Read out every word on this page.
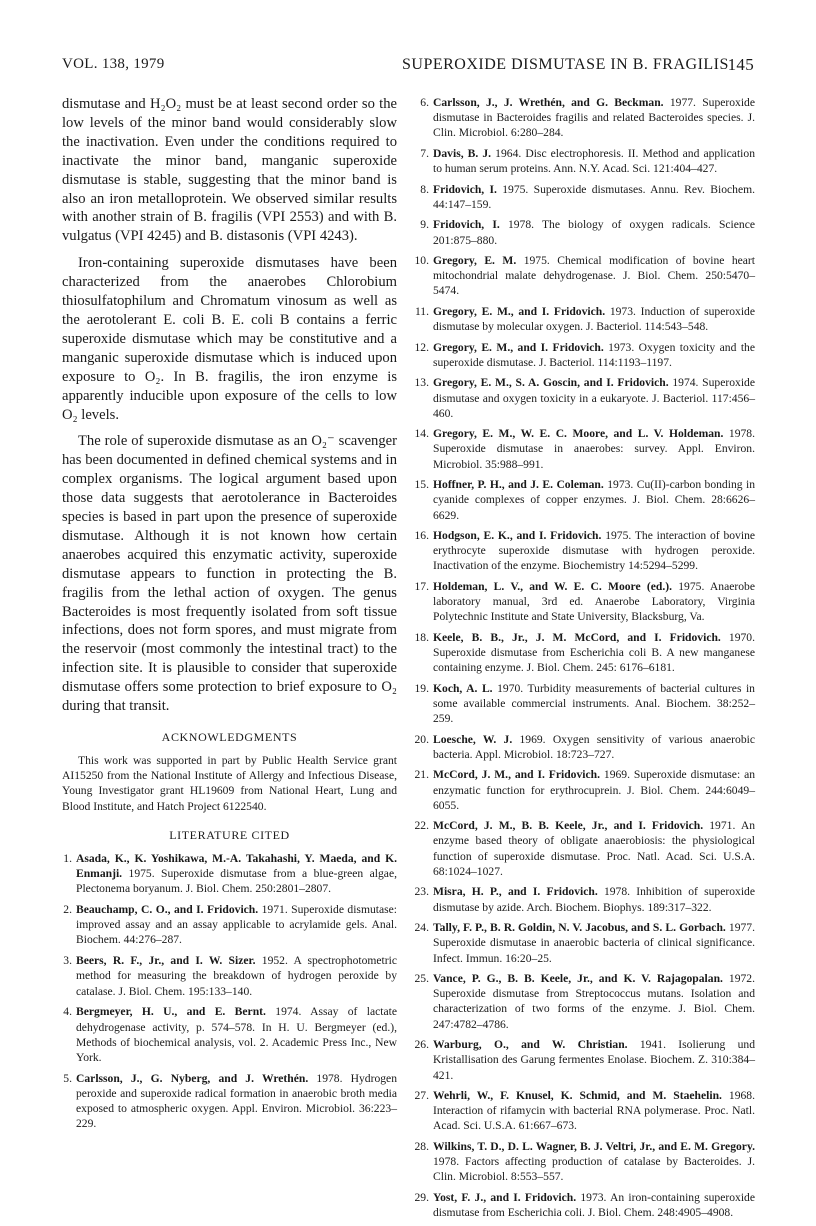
VOL. 138, 1979	SUPEROXIDE DISMUTASE IN B. FRAGILIS
145

dismutase and H₂O₂ must be at least second order so the low levels of the minor band would considerably slow the inactivation. Even under the conditions required to inactivate the minor band, manganic superoxide dismutase is stable, suggesting that the minor band is also an iron metalloprotein. We observed similar results with another strain of B. fragilis (VPI 2553) and with B. vulgatus (VPI 4245) and B. distasonis (VPI 4243).

Iron-containing superoxide dismutases have been characterized from the anaerobes Chlorobium thiosulfatophilum and Chromatum vinosum as well as the aerotolerant E. coli B. E. coli B contains a ferric superoxide dismutase which may be constitutive and a manganic superoxide dismutase which is induced upon exposure to O₂. In B. fragilis, the iron enzyme is apparently inducible upon exposure of the cells to low O₂ levels.

The role of superoxide dismutase as an O₂⁻ scavenger has been documented in defined chemical systems and in complex organisms. The logical argument based upon those data suggests that aerotolerance in Bacteroides species is based in part upon the presence of superoxide dismutase. Although it is not known how certain anaerobes acquired this enzymatic activity, superoxide dismutase appears to function in protecting the B. fragilis from the lethal action of oxygen. The genus Bacteroides is most frequently isolated from soft tissue infections, does not form spores, and must migrate from the reservoir (most commonly the intestinal tract) to the infection site. It is plausible to consider that superoxide dismutase offers some protection to brief exposure to O₂ during that transit.

ACKNOWLEDGMENTS

This work was supported in part by Public Health Service grant AI15250 from the National Institute of Allergy and Infectious Disease, Young Investigator grant HL19609 from National Heart, Lung and Blood Institute, and Hatch Project 6122540.

LITERATURE CITED
1. Asada, K., K. Yoshikawa, M.-A. Takahashi, Y. Maeda, and K. Enmanji. 1975. Superoxide dismutase from a blue-green algae, Plectonema boryanum. J. Biol. Chem. 250:2801–2807.
2. Beauchamp, C. O., and I. Fridovich. 1971. Superoxide dismutase: improved assay and an assay applicable to acrylamide gels. Anal. Biochem. 44:276–287.
3. Beers, R. F., Jr., and I. W. Sizer. 1952. A spectrophotometric method for measuring the breakdown of hydrogen peroxide by catalase. J. Biol. Chem. 195:133–140.
4. Bergmeyer, H. U., and E. Bernt. 1974. Assay of lactate dehydrogenase activity, p. 574–578. In H. U. Bergmeyer (ed.), Methods of biochemical analysis, vol. 2. Academic Press Inc., New York.
5. Carlsson, J., G. Nyberg, and J. Wrethén. 1978. Hydrogen peroxide and superoxide radical formation in anaerobic broth media exposed to atmospheric oxygen. Appl. Environ. Microbiol. 36:223–229.
6. Carlsson, J., J. Wrethén, and G. Beckman. 1977. Superoxide dismutase in Bacteroides fragilis and related Bacteroides species. J. Clin. Microbiol. 6:280–284.
7. Davis, B. J. 1964. Disc electrophoresis. II. Method and application to human serum proteins. Ann. N.Y. Acad. Sci. 121:404–427.
8. Fridovich, I. 1975. Superoxide dismutases. Annu. Rev. Biochem. 44:147–159.
9. Fridovich, I. 1978. The biology of oxygen radicals. Science 201:875–880.
10. Gregory, E. M. 1975. Chemical modification of bovine heart mitochondrial malate dehydrogenase. J. Biol. Chem. 250:5470–5474.
11. Gregory, E. M., and I. Fridovich. 1973. Induction of superoxide dismutase by molecular oxygen. J. Bacteriol. 114:543–548.
12. Gregory, E. M., and I. Fridovich. 1973. Oxygen toxicity and the superoxide dismutase. J. Bacteriol. 114:1193–1197.
13. Gregory, E. M., S. A. Goscin, and I. Fridovich. 1974. Superoxide dismutase and oxygen toxicity in a eukaryote. J. Bacteriol. 117:456–460.
14. Gregory, E. M., W. E. C. Moore, and L. V. Holdeman. 1978. Superoxide dismutase in anaerobes: survey. Appl. Environ. Microbiol. 35:988–991.
15. Hoffner, P. H., and J. E. Coleman. 1973. Cu(II)-carbon bonding in cyanide complexes of copper enzymes. J. Biol. Chem. 28:6626–6629.
16. Hodgson, E. K., and I. Fridovich. 1975. The interaction of bovine erythrocyte superoxide dismutase with hydrogen peroxide. Inactivation of the enzyme. Biochemistry 14:5294–5299.
17. Holdeman, L. V., and W. E. C. Moore (ed.). 1975. Anaerobe laboratory manual, 3rd ed. Anaerobe Laboratory, Virginia Polytechnic Institute and State University, Blacksburg, Va.
18. Keele, B. B., Jr., J. M. McCord, and I. Fridovich. 1970. Superoxide dismutase from Escherichia coli B. A new manganese containing enzyme. J. Biol. Chem. 245: 6176–6181.
19. Koch, A. L. 1970. Turbidity measurements of bacterial cultures in some available commercial instruments. Anal. Biochem. 38:252–259.
20. Loesche, W. J. 1969. Oxygen sensitivity of various anaerobic bacteria. Appl. Microbiol. 18:723–727.
21. McCord, J. M., and I. Fridovich. 1969. Superoxide dismutase: an enzymatic function for erythrocuprein. J. Biol. Chem. 244:6049–6055.
22. McCord, J. M., B. B. Keele, Jr., and I. Fridovich. 1971. An enzyme based theory of obligate anaerobiosis: the physiological function of superoxide dismutase. Proc. Natl. Acad. Sci. U.S.A. 68:1024–1027.
23. Misra, H. P., and I. Fridovich. 1978. Inhibition of superoxide dismutase by azide. Arch. Biochem. Biophys. 189:317–322.
24. Tally, F. P., B. R. Goldin, N. V. Jacobus, and S. L. Gorbach. 1977. Superoxide dismutase in anaerobic bacteria of clinical significance. Infect. Immun. 16:20–25.
25. Vance, P. G., B. B. Keele, Jr., and K. V. Rajagopalan. 1972. Superoxide dismutase from Streptococcus mutans. Isolation and characterization of two forms of the enzyme. J. Biol. Chem. 247:4782–4786.
26. Warburg, O., and W. Christian. 1941. Isolierung und Kristallisation des Garung fermentes Enolase. Biochem. Z. 310:384–421.
27. Wehrli, W., F. Knusel, K. Schmid, and M. Staehelin. 1968. Interaction of rifamycin with bacterial RNA polymerase. Proc. Natl. Acad. Sci. U.S.A. 61:667–673.
28. Wilkins, T. D., D. L. Wagner, B. J. Veltri, Jr., and E. M. Gregory. 1978. Factors affecting production of catalase by Bacteroides. J. Clin. Microbiol. 8:553–557.
29. Yost, F. J., and I. Fridovich. 1973. An iron-containing superoxide dismutase from Escherichia coli. J. Biol. Chem. 248:4905–4908.
